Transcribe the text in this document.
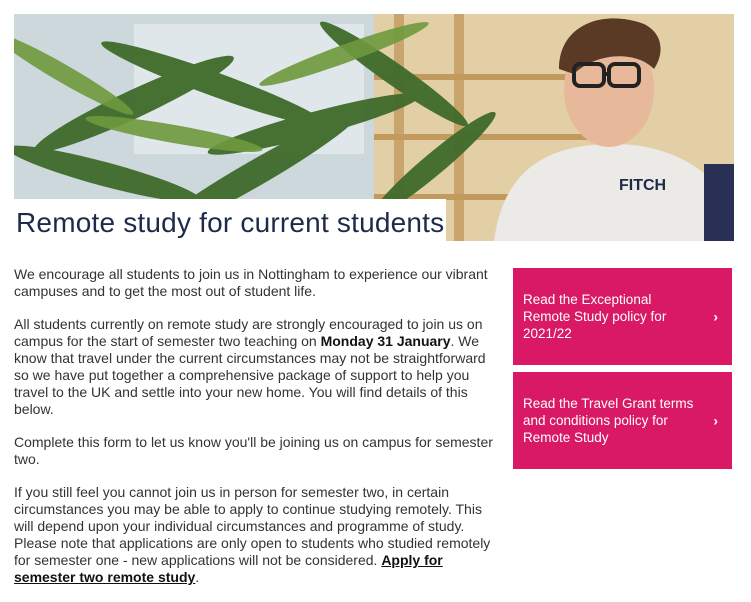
FITCH
Remote study for current students

We encourage all students to join us in Nottingham to experience our vibrant campuses and to get the most out of student life.

All students currently on remote study are strongly encouraged to join us on campus for the start of semester two teaching on Monday 31 January. We know that travel under the current circumstances may not be straightforward so we have put together a comprehensive package of support to help you travel to the UK and settle into your new home. You will find details of this below.

Complete this form to let us know you'll be joining us on campus for semester two.

If you still feel you cannot join us in person for semester two, in certain circumstances you may be able to apply to continue studying remotely. This will depend upon your individual circumstances and programme of study. Please note that applications are only open to students who studied remotely for semester one - new applications will not be considered. Apply for semester two remote study.

Read the Exceptional Remote Study policy for 2021/22
›
Read the Travel Grant terms and conditions policy for Remote Study
›
